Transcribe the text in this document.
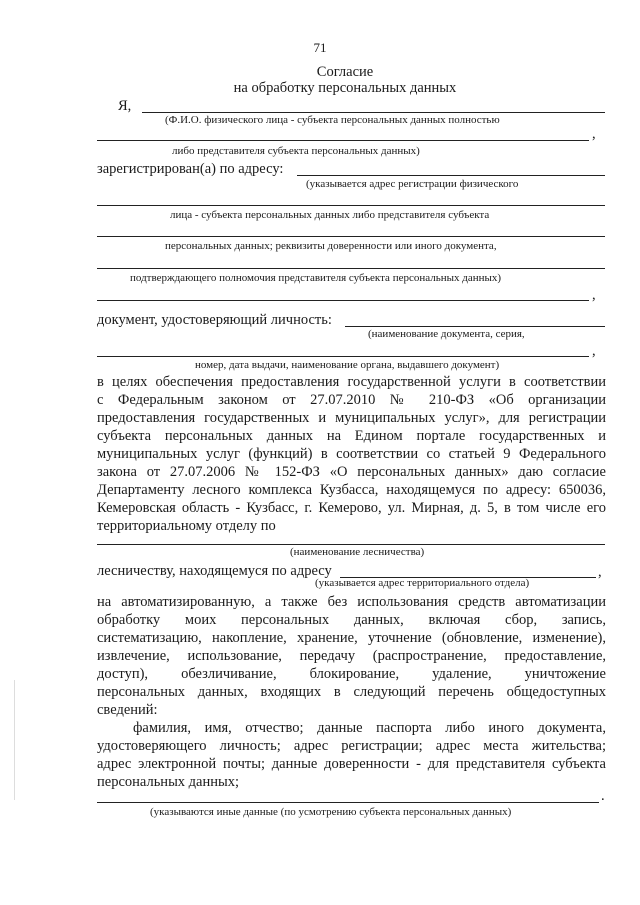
71
Согласие
на обработку персональных данных
Я,
(Ф.И.О. физического лица - субъекта персональных данных полностью
,
либо представителя субъекта персональных данных)
зарегистрирован(а) по адресу:
(указывается адрес регистрации физического
лица - субъекта персональных данных либо представителя субъекта
персональных данных; реквизиты доверенности или иного документа,
подтверждающего полномочия представителя субъекта персональных данных)
,
документ, удостоверяющий личность:
(наименование документа, серия,
,
номер, дата выдачи, наименование органа, выдавшего документ)
в целях обеспечения предоставления государственной услуги в соответствии
с Федеральным законом от 27.07.2010 № 210-ФЗ «Об организации
предоставления государственных и муниципальных услуг», для регистрации
субъекта персональных данных на Едином портале государственных и
муниципальных услуг (функций) в соответствии со статьей 9 Федерального
закона от 27.07.2006 № 152-ФЗ «О персональных данных» даю согласие
Департаменту лесного комплекса Кузбасса, находящемуся по адресу: 650036,
Кемеровская область - Кузбасс, г. Кемерово, ул. Мирная, д. 5, в том числе его
территориальному отделу по
(наименование лесничества)
лесничеству, находящемуся по адресу	,
(указывается адрес территориального отдела)
на автоматизированную, а также без использования средств автоматизации
обработку моих персональных данных, включая сбор, запись,
систематизацию, накопление, хранение, уточнение (обновление, изменение),
извлечение, использование, передачу (распространение, предоставление,
доступ), обезличивание, блокирование, удаление, уничтожение
персональных данных, входящих в следующий перечень общедоступных
сведений:
фамилия, имя, отчество; данные паспорта либо иного документа,
удостоверяющего личность; адрес регистрации; адрес места жительства;
адрес электронной почты; данные доверенности - для представителя субъекта
персональных данных;
.
(указываются иные данные (по усмотрению субъекта персональных данных)
